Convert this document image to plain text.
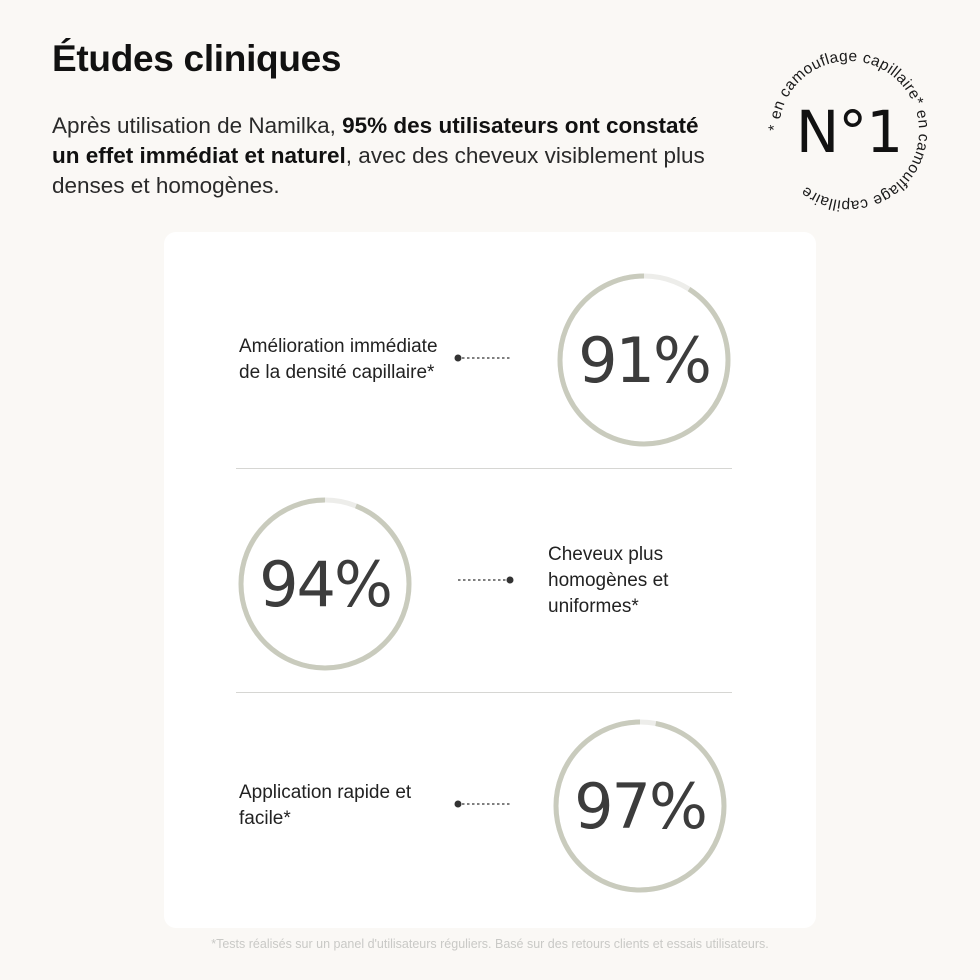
Études cliniques

Après utilisation de Namilka, 95% des utilisateurs ont constaté un effet immédiat et naturel, avec des cheveux visiblement plus denses et homogènes.

* en camouflage capillaire* en camouflage capillaire
N°1
Amélioration immédiate de la densité capillaire*	91%
94%	Cheveux plus homogènes et uniformes*
Application rapide et facile*	97%

*Tests réalisés sur un panel d'utilisateurs réguliers. Basé sur des retours clients et essais utilisateurs.
